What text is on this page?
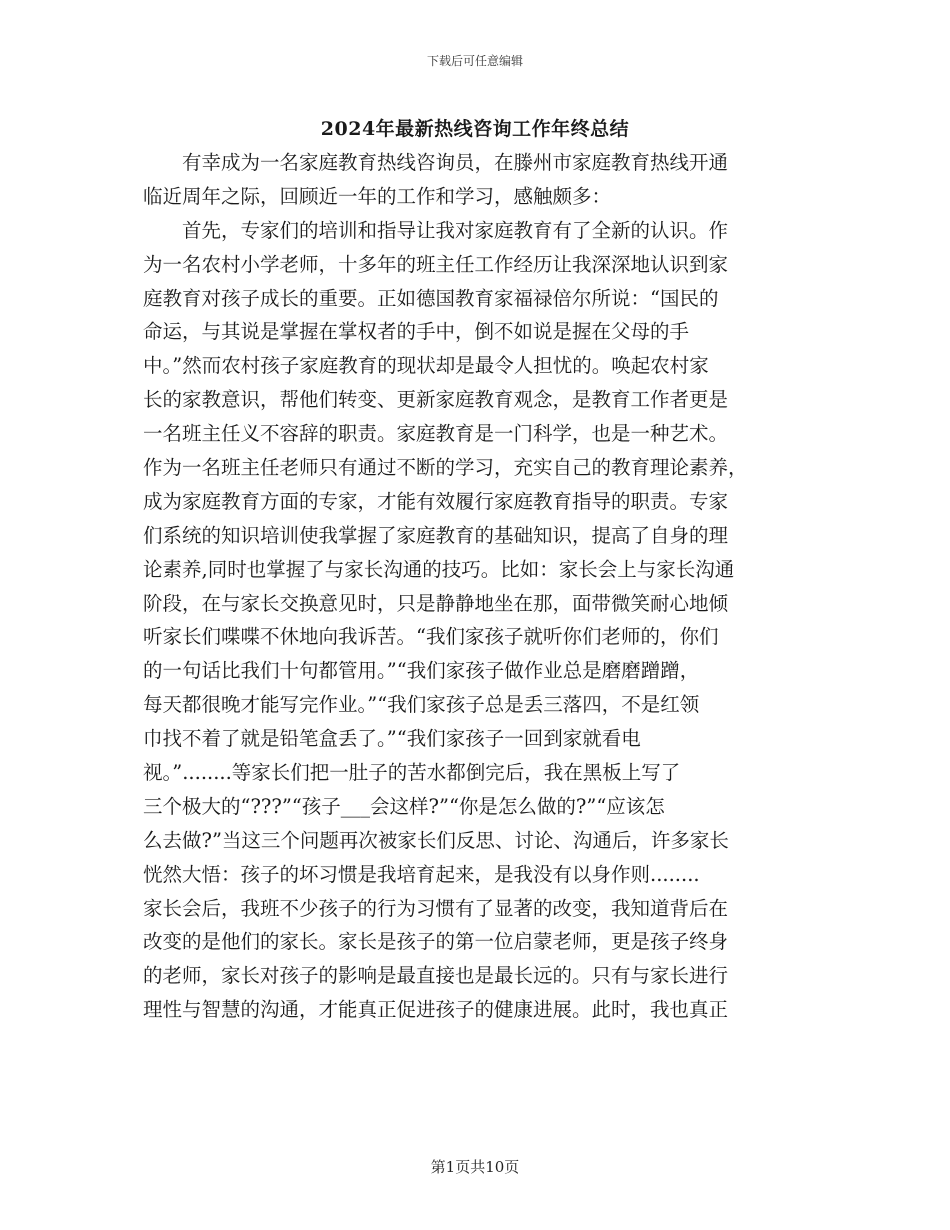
下载后可任意编辑
2024年最新热线咨询工作年终总结
有幸成为一名家庭教育热线咨询员，在滕州市家庭教育热线开通
临近周年之际，回顾近一年的工作和学习，感触颇多：
首先，专家们的培训和指导让我对家庭教育有了全新的认识。作
为一名农村小学老师，十多年的班主任工作经历让我深深地认识到家
庭教育对孩子成长的重要。正如德国教育家福禄倍尔所说：“国民的
命运，与其说是掌握在掌权者的手中，倒不如说是握在父母的手
中。”然而农村孩子家庭教育的现状却是最令人担忧的。唤起农村家
长的家教意识，帮他们转变、更新家庭教育观念，是教育工作者更是
一名班主任义不容辞的职责。家庭教育是一门科学，也是一种艺术。
作为一名班主任老师只有通过不断的学习，充实自己的教育理论素养，
成为家庭教育方面的专家，才能有效履行家庭教育指导的职责。专家
们系统的知识培训使我掌握了家庭教育的基础知识，提高了自身的理
论素养,同时也掌握了与家长沟通的技巧。比如：家长会上与家长沟通
阶段，在与家长交换意见时，只是静静地坐在那，面带微笑耐心地倾
听家长们喋喋不休地向我诉苦。“我们家孩子就听你们老师的，你们
的一句话比我们十句都管用。”“我们家孩子做作业总是磨磨蹭蹭，
每天都很晚才能写完作业。”“我们家孩子总是丢三落四，不是红领
巾找不着了就是铅笔盒丢了。”“我们家孩子一回到家就看电
视。”........等家长们把一肚子的苦水都倒完后，我在黑板上写了
三个极大的“???”“孩子___会这样?”“你是怎么做的?”“应该怎
么去做?”当这三个问题再次被家长们反思、讨论、沟通后，许多家长
恍然大悟：孩子的坏习惯是我培育起来，是我没有以身作则........
家长会后，我班不少孩子的行为习惯有了显著的改变，我知道背后在
改变的是他们的家长。家长是孩子的第一位启蒙老师，更是孩子终身
的老师，家长对孩子的影响是最直接也是最长远的。只有与家长进行
理性与智慧的沟通，才能真正促进孩子的健康进展。此时，我也真正
第1页共10页
